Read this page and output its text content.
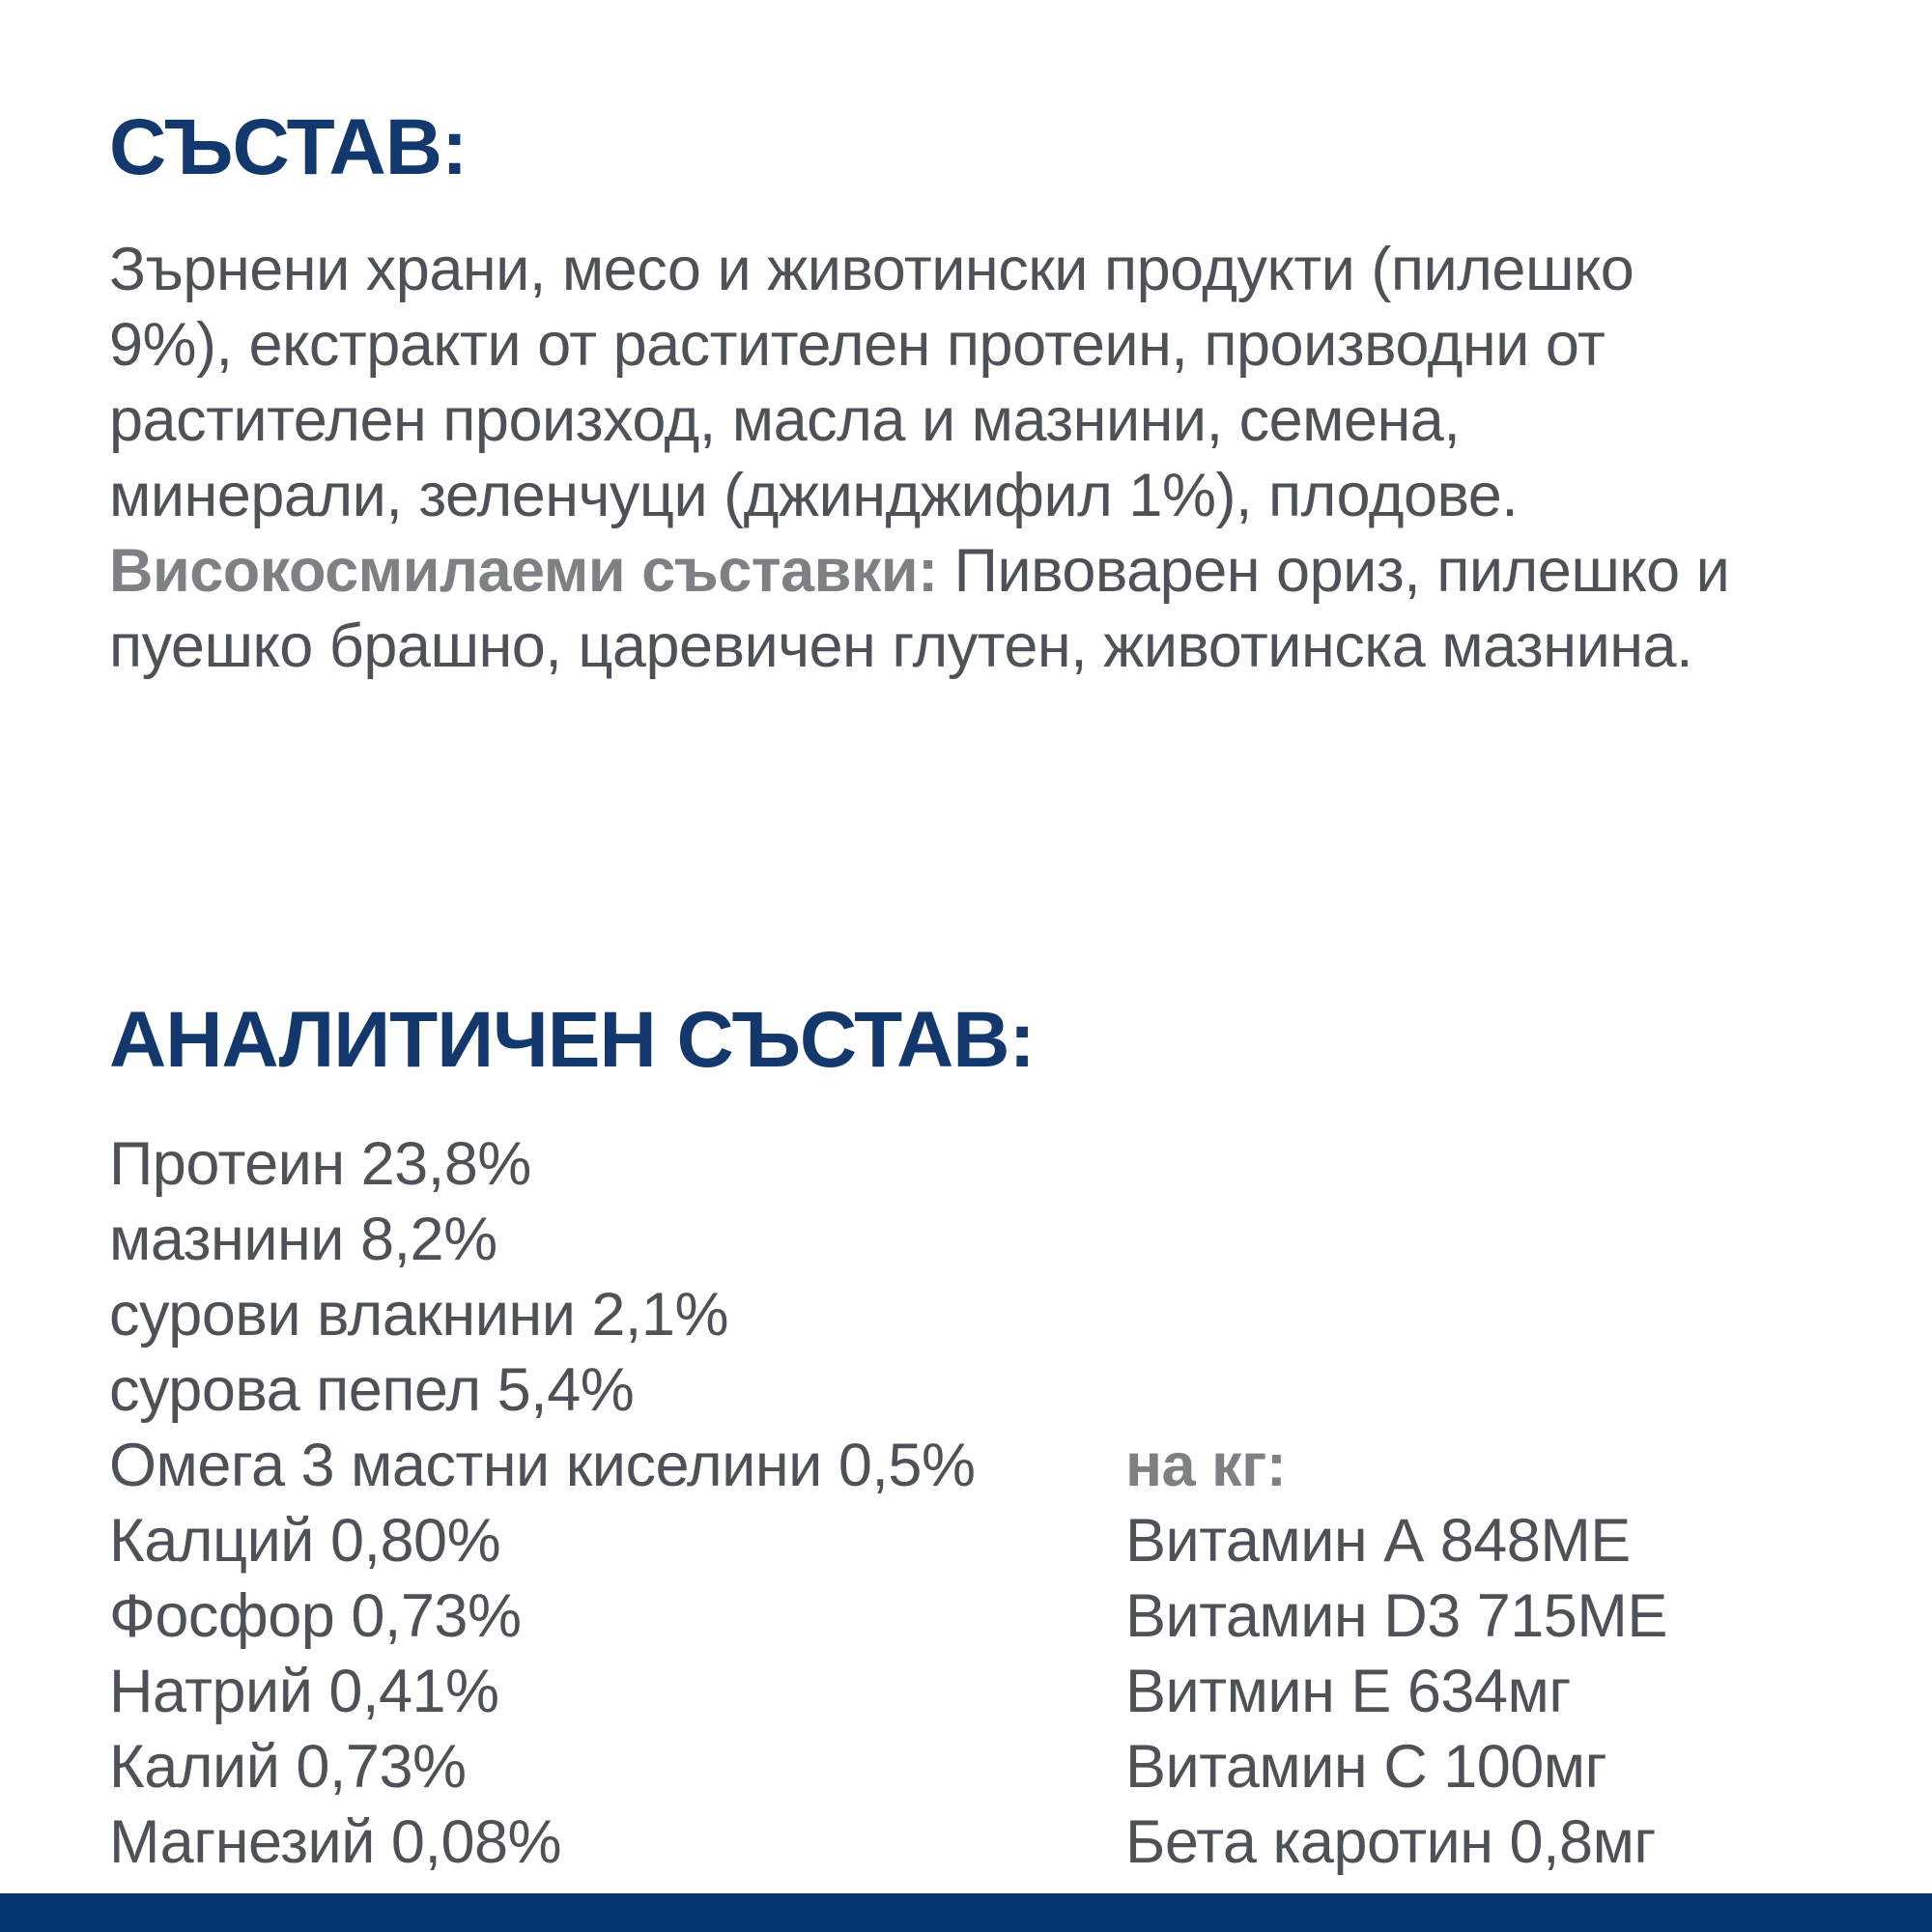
СЪСТАВ:
Зърнени храни, месо и животински продукти (пилешко
9%), екстракти от растителен протеин, производни от
растителен произход, масла и мазнини, семена,
минерали, зеленчуци (джинджифил 1%), плодове.
Високосмилаеми съставки: Пивоварен ориз, пилешко и
пуешко брашно, царевичен глутен, животинска мазнина.
АНАЛИТИЧЕН СЪСТАВ:
Протеин 23,8%
мазнини 8,2%
сурови влакнини 2,1%
сурова пепел 5,4%
Омега 3 мастни киселини 0,5%
Калций 0,80%
Фосфор 0,73%
Натрий 0,41%
Калий 0,73%
Магнезий 0,08%
на кг:
Витамин А 848МЕ
Витамин D3 715МЕ
Витмин Е 634мг
Витамин С 100мг
Бета каротин 0,8мг
